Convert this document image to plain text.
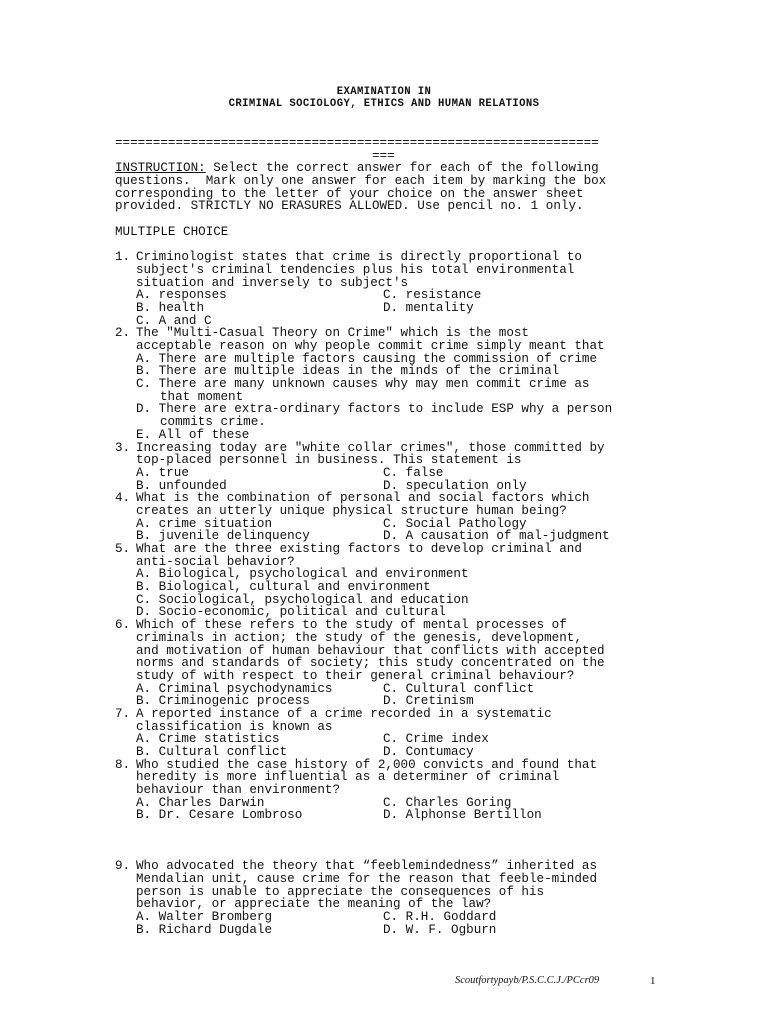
EXAMINATION IN
CRIMINAL SOCIOLOGY, ETHICS AND HUMAN RELATIONS
================================================================
===
INSTRUCTION: Select the correct answer for each of the following
questions.  Mark only one answer for each item by marking the box
corresponding to the letter of your choice on the answer sheet
provided. STRICTLY NO ERASURES ALLOWED. Use pencil no. 1 only.
MULTIPLE CHOICE
1. Criminologist states that crime is directly proportional to
subject's criminal tendencies plus his total environmental
situation and inversely to subject's
A. responses	C. resistance
B. health	D. mentality
C. A and C
2. The "Multi-Casual Theory on Crime" which is the most
acceptable reason on why people commit crime simply meant that
A. There are multiple factors causing the commission of crime
B. There are multiple ideas in the minds of the criminal
C. There are many unknown causes why may men commit crime as
that moment
D. There are extra-ordinary factors to include ESP why a person
commits crime.
E. All of these
3. Increasing today are "white collar crimes", those committed by
top-placed personnel in business. This statement is
A. true	C. false
B. unfounded	D. speculation only
4. What is the combination of personal and social factors which
creates an utterly unique physical structure human being?
A. crime situation	C. Social Pathology
B. juvenile delinquency	D. A causation of mal-judgment
5. What are the three existing factors to develop criminal and
anti-social behavior?
A. Biological, psychological and environment
B. Biological, cultural and environment
C. Sociological, psychological and education
D. Socio-economic, political and cultural
6. Which of these refers to the study of mental processes of
criminals in action; the study of the genesis, development,
and motivation of human behaviour that conflicts with accepted
norms and standards of society; this study concentrated on the
study of with respect to their general criminal behaviour?
A. Criminal psychodynamics	C. Cultural conflict
B. Criminogenic process	D. Cretinism
7. A reported instance of a crime recorded in a systematic
classification is known as
A. Crime statistics	C. Crime index
B. Cultural conflict	D. Contumacy
8. Who studied the case history of 2,000 convicts and found that
heredity is more influential as a determiner of criminal
behaviour than environment?
A. Charles Darwin	C. Charles Goring
B. Dr. Cesare Lombroso	D. Alphonse Bertillon
9. Who advocated the theory that “feeblemindedness” inherited as
Mendalian unit, cause crime for the reason that feeble-minded
person is unable to appreciate the consequences of his
behavior, or appreciate the meaning of the law?
A. Walter Bromberg	C. R.H. Goddard
B. Richard Dugdale	D. W. F. Ogburn
Scoutfortypayb/P.S.C.C.J./PCcr09	1
